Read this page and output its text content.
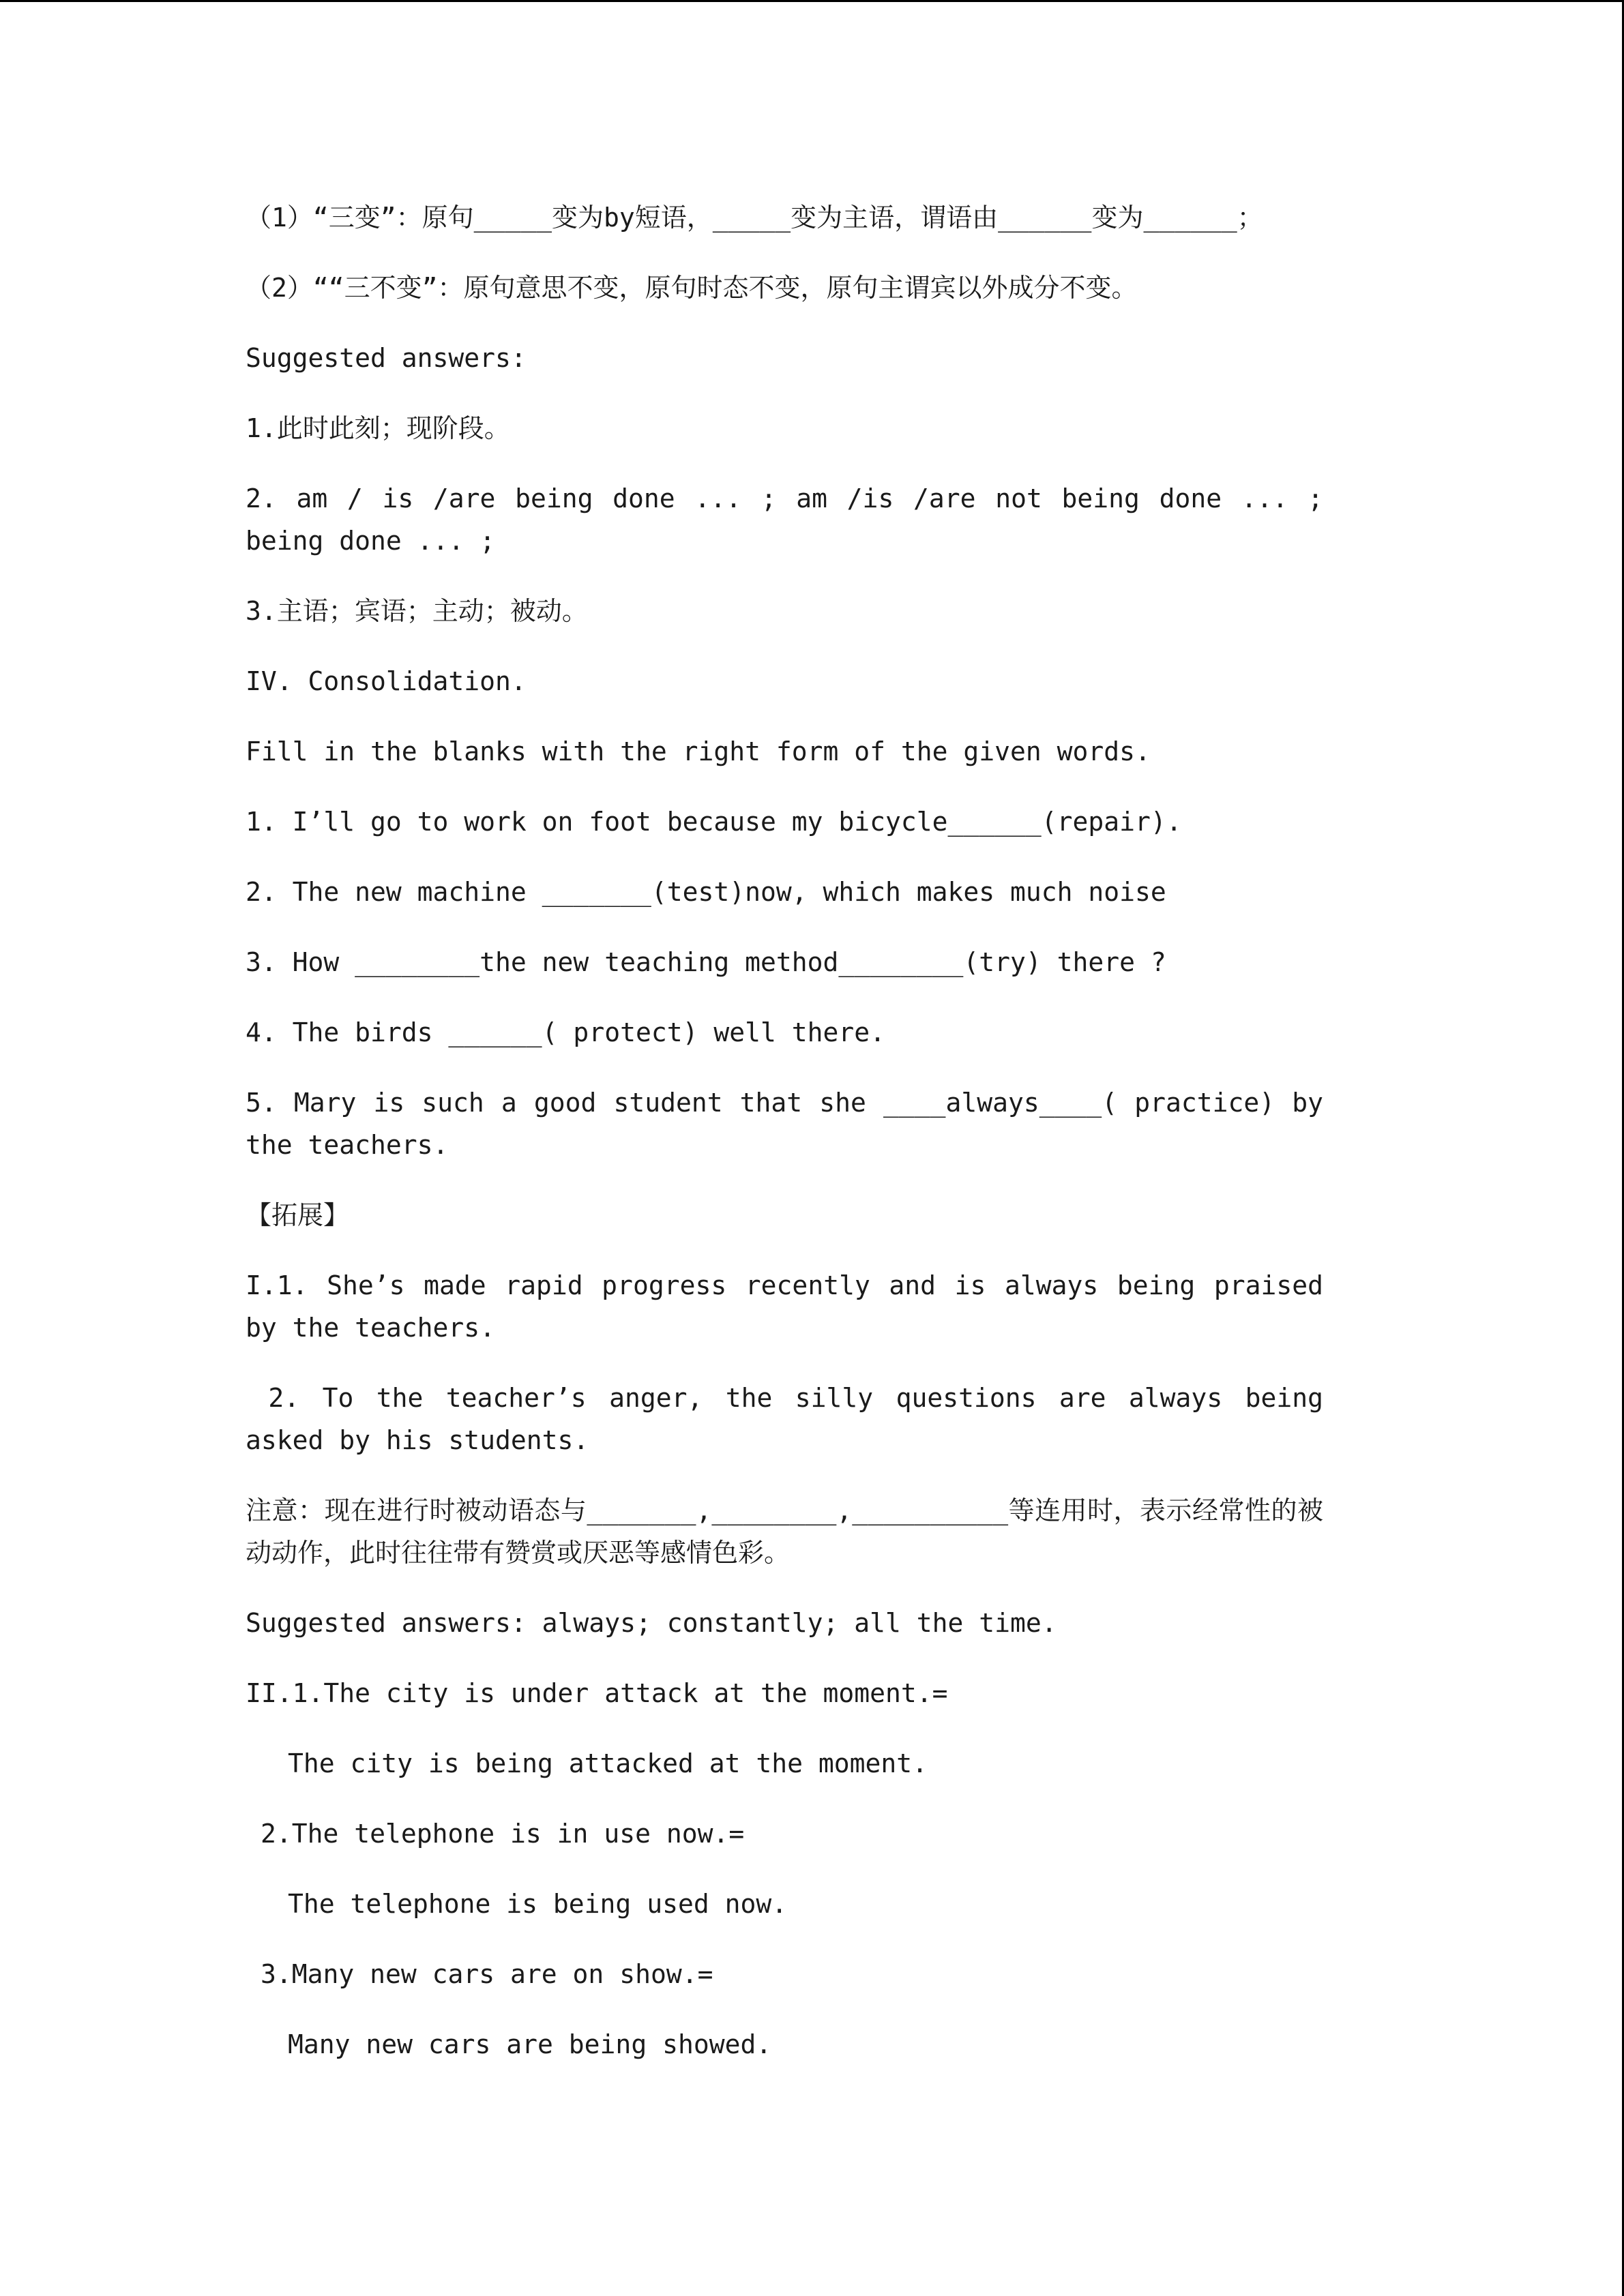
（1）“三变”：原句_____变为by短语，_____变为主语，谓语由______变为______；

（2）““三不变”：原句意思不变，原句时态不变，原句主谓宾以外成分不变。

Suggested answers:

1.此时此刻；现阶段。

2. am / is /are being done ... ; am /is /are not being done ... ; being done ... ;

3.主语；宾语；主动；被动。

IV. Consolidation.

Fill in the blanks with the right form of the given words.

1. I’ll go to work on foot because my bicycle______(repair).

2. The new machine _______(test)now, which makes much noise

3. How ________the new teaching method________(try) there ?

4. The birds ______( protect) well there.

5. Mary is such a good student that she ____always____( practice) by the teachers.

【拓展】

I.1. She’s made rapid progress recently and is always being praised by the teachers.

2. To the teacher’s anger, the silly questions are always being asked by his students.

注意：现在进行时被动语态与_______,________,__________等连用时，表示经常性的被动动作，此时往往带有赞赏或厌恶等感情色彩。

Suggested answers: always; constantly; all the time.

II.1.The city is under attack at the moment.=

The city is being attacked at the moment.

2.The telephone is in use now.=

The telephone is being used now.

3.Many new cars are on show.=

Many new cars are being showed.
